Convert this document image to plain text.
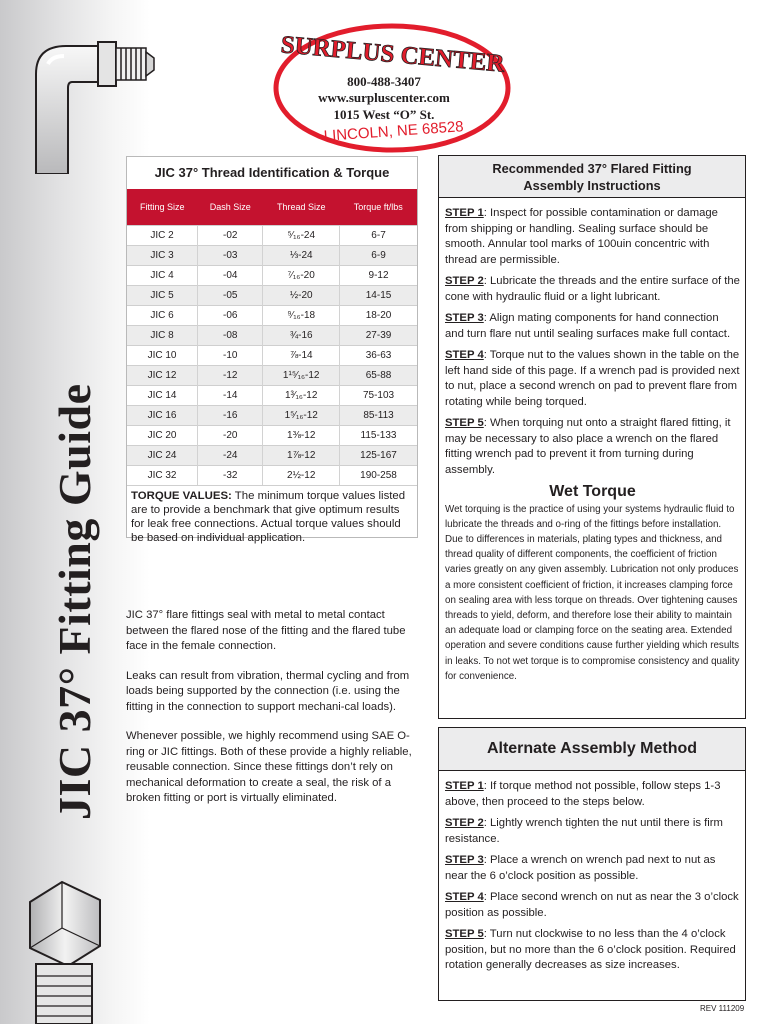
SURPLUS CENTER
800-488-3407
www.surpluscenter.com
1015 West “O” St.
LINCOLN, NE 68528
JIC 37° Fitting Guide
JIC 37° Thread Identification & Torque
Fitting Size	Dash Size	Thread Size	Torque ft/lbs
JIC 2	-02	⁵⁄₁₆-24	6-7
JIC 3	-03	⅓-24	6-9
JIC 4	-04	⁷⁄₁₆-20	9-12
JIC 5	-05	½-20	14-15
JIC 6	-06	⁹⁄₁₆-18	18-20
JIC 8	-08	¾-16	27-39
JIC 10	-10	⅞-14	36-63
JIC 12	-12	1¹⁵⁄₁₆-12	65-88
JIC 14	-14	1³⁄₁₆-12	75-103
JIC 16	-16	1⁵⁄₁₆-12	85-113
JIC 20	-20	1⅜-12	115-133
JIC 24	-24	1⅞-12	125-167
JIC 32	-32	2½-12	190-258
TORQUE VALUES: The minimum torque values listed are to provide a benchmark that give optimum results for leak free connections. Actual torque values should be based on individual application.

JIC 37° flare fittings seal with metal to metal contact between the flared nose of the fitting and the flared tube face in the female connection.

Leaks can result from vibration, thermal cycling and from loads being supported by the connection (i.e. using the fitting in the connection to support mechani-cal loads).

Whenever possible, we highly recommend using SAE O-ring or JIC fittings. Both of these provide a highly reliable, reusable connection. Since these fittings don’t rely on mechanical deformation to create a seal, the risk of a broken fitting or port is virtually eliminated.

Recommended 37° Flared Fitting
Assembly Instructions

STEP 1: Inspect for possible contamination or damage from shipping or handling. Sealing surface should be smooth. Annular tool marks of 100uin concentric with thread are permissible.

STEP 2: Lubricate the threads and the entire surface of the cone with hydraulic fluid or a light lubricant.

STEP 3: Align mating components for hand connection and turn flare nut until sealing surfaces make full contact.

STEP 4: Torque nut to the values shown in the table on the left hand side of this page. If a wrench pad is provided next to nut, place a second wrench on pad to prevent flare from rotating while being torqued.

STEP 5: When torquing nut onto a straight flared fitting, it may be necessary to also place a wrench on the flared fitting wrench pad to prevent it from turning during assembly.

Wet Torque

Wet torquing is the practice of using your systems hydraulic fluid to lubricate the threads and o-ring of the fittings before installation. Due to differences in materials, plating types and thickness, and thread quality of different components, the coefficient of friction varies greatly on any given assembly. Lubrication not only produces a more consistent coefficient of friction, it increases clamping force on sealing area with less torque on threads. Over tightening causes threads to yield, deform, and therefore lose their ability to maintain an adequate load or clamping force on the seating area. Extended operation and severe conditions cause further yielding which results in leaks. To not wet torque is to compromise consistency and quality for convenience.

Alternate Assembly Method

STEP 1: If torque method not possible, follow steps 1-3 above, then proceed to the steps below.

STEP 2: Lightly wrench tighten the nut until there is firm resistance.

STEP 3: Place a wrench on wrench pad next to nut as near the 6 o’clock position as possible.

STEP 4: Place second wrench on nut as near the 3 o’clock position as possible.

STEP 5: Turn nut clockwise to no less than the 4 o’clock position, but no more than the 6 o’clock position. Required rotation generally decreases as size increases.

REV 111209
